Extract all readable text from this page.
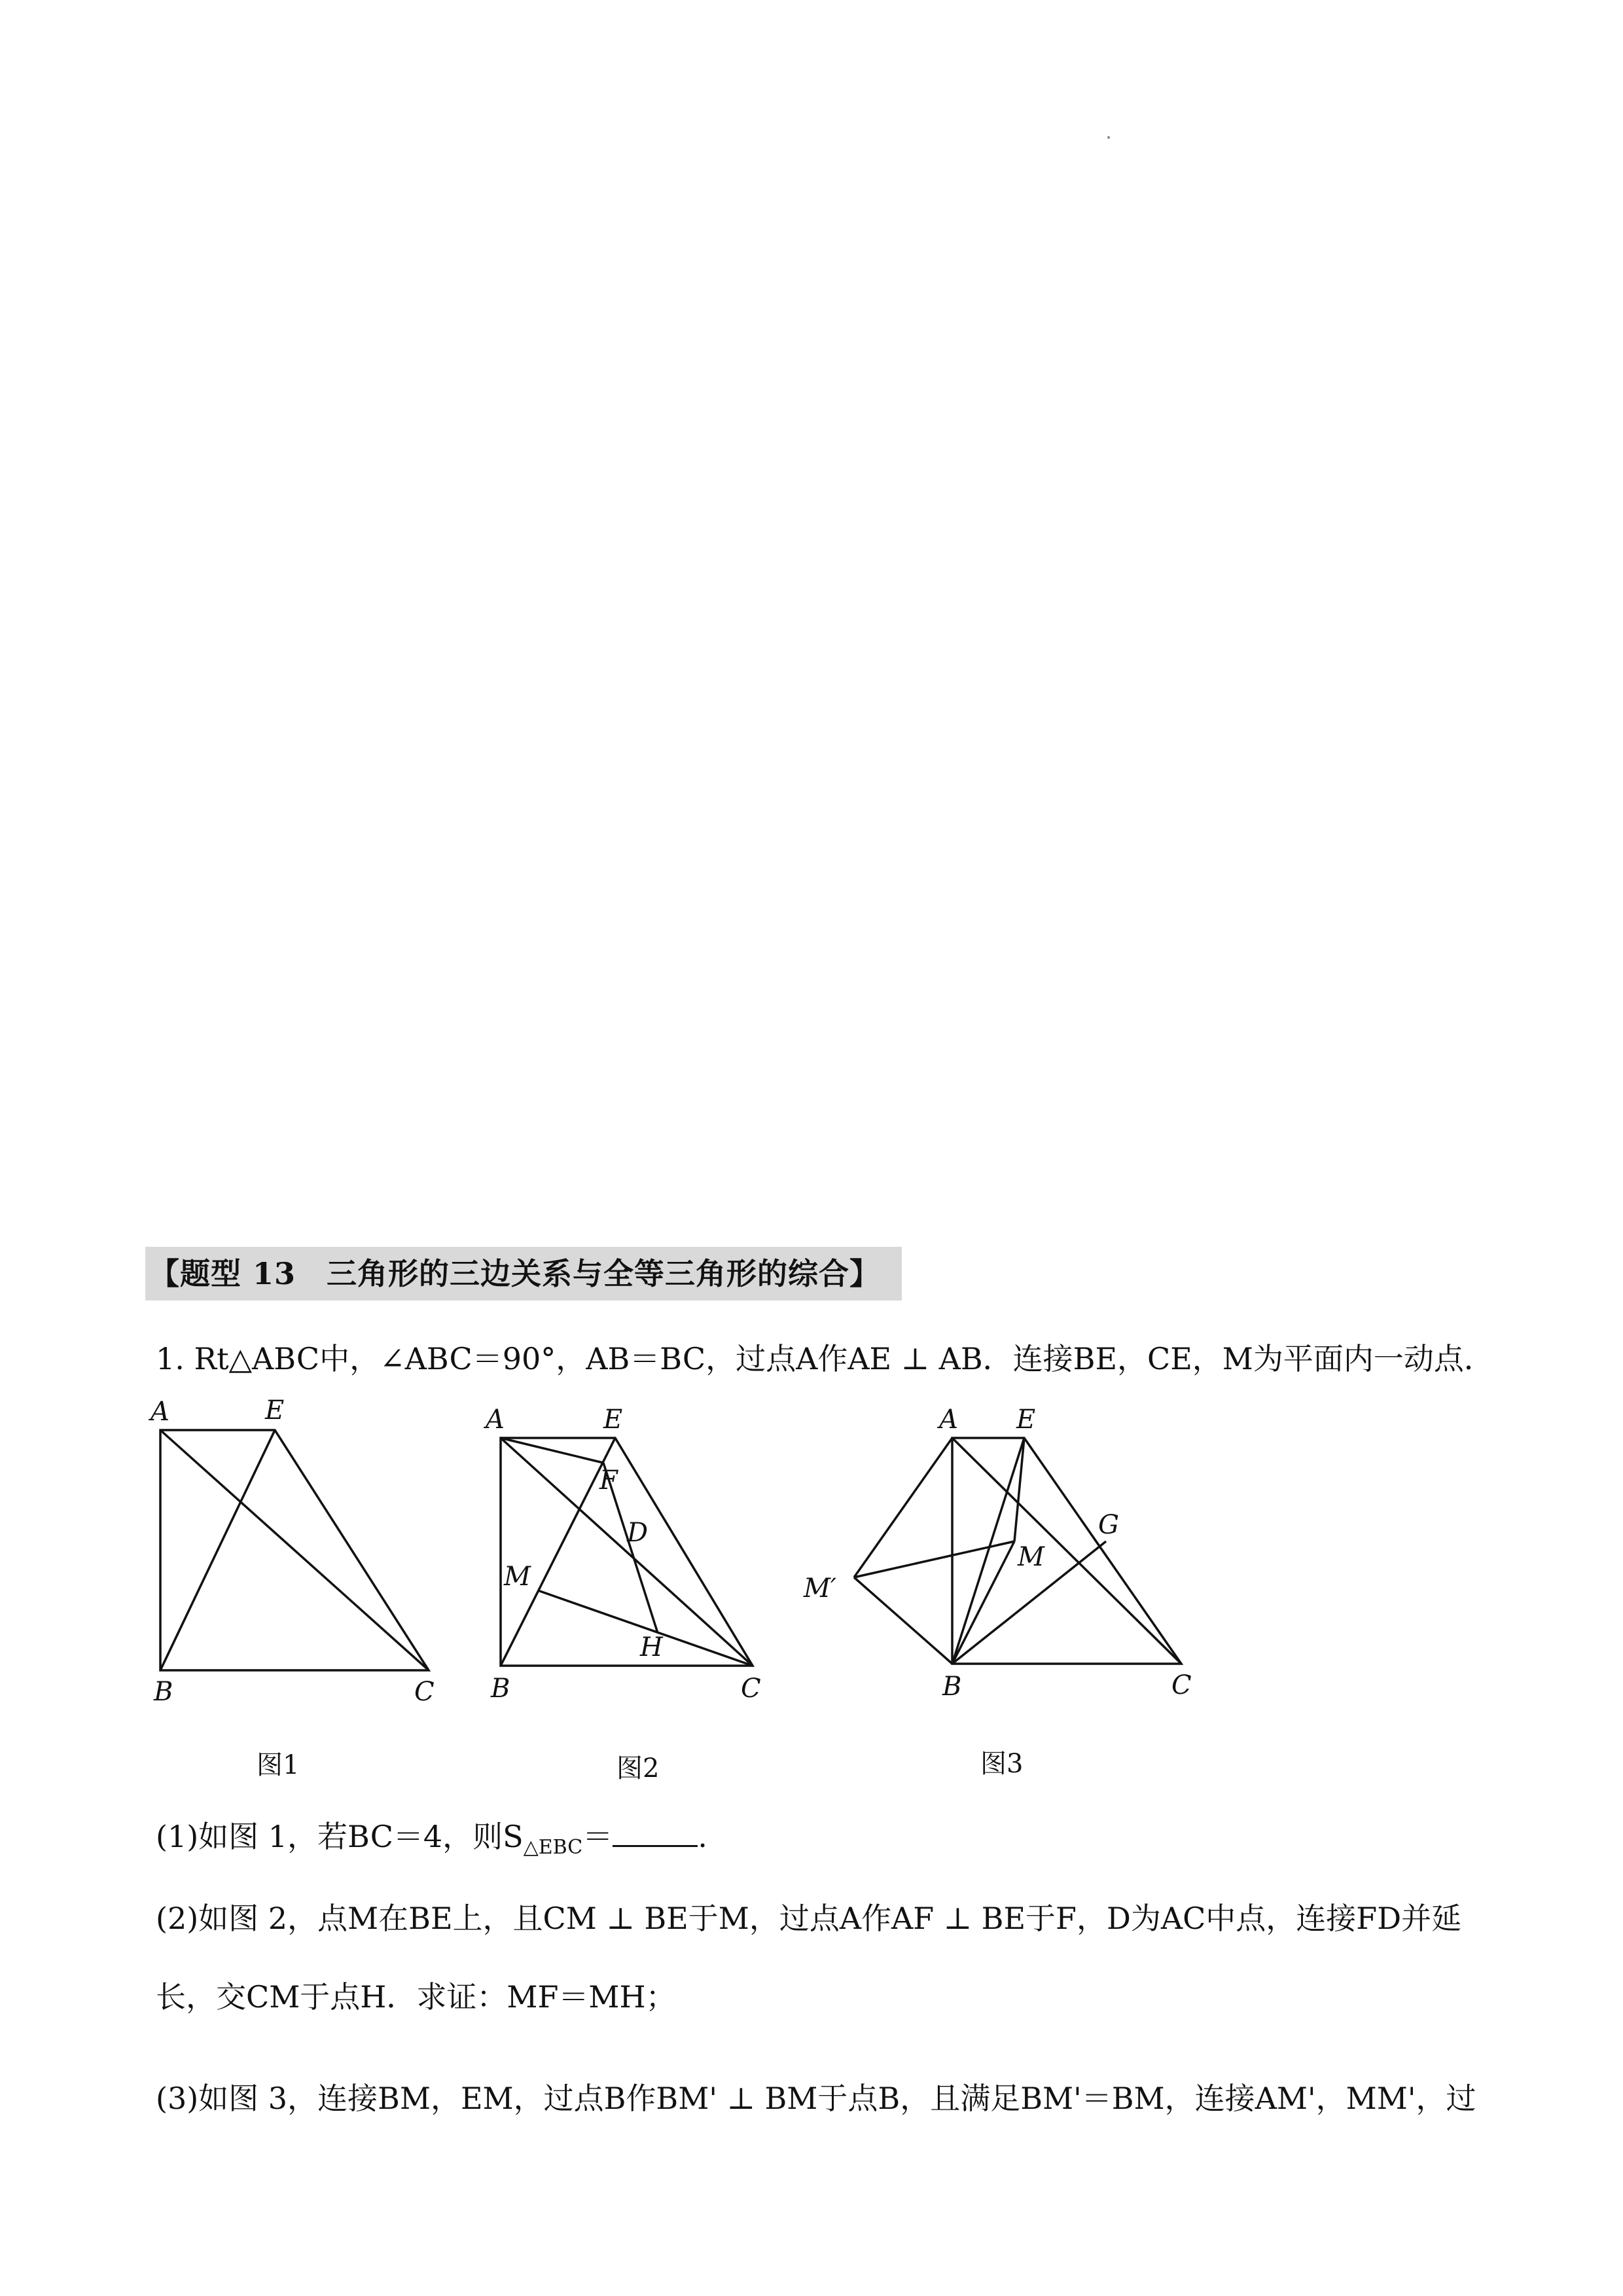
【题型 13　三角形的三边关系与全等三角形的综合】
1. Rt△ABC中，∠ABC＝90°，AB＝BC，过点A作AE ⊥ AB．连接BE，CE，M为平面内一动点．
A	E
B	C
图1
A	E
F
D
M
H
B	C
图2
A E
G
M
M′
B	C
图3
(1)如图 1，若BC＝4，则$S_{\triangle EBC}=$	.
(2)如图 2，点M在BE上，且CM ⊥ BE于M，过点A作AF ⊥ BE于F，D为AC中点，连接FD并延
长，交CM于点H．求证：MF＝MH；
(3)如图 3，连接BM，EM，过点B作BM' ⊥ BM于点B，且满足BM'＝BM，连接AM'，MM'，过
